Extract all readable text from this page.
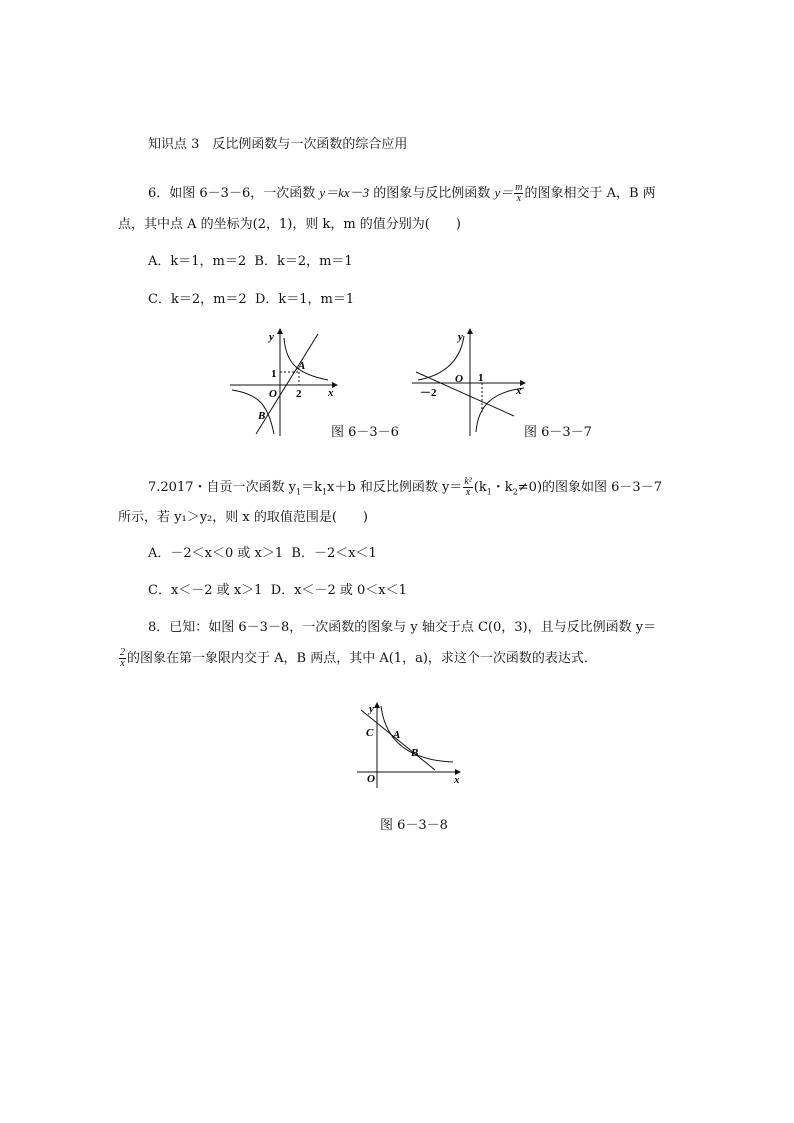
知识点 3　反比例函数与一次函数的综合应用
6．如图 6－3－6，一次函数 y＝kx－3 的图象与反比例函数 $y= \frac{m}{x}$ 的图象相交于 A，B 两
点，其中点 A 的坐标为(2，1)，则 k，m 的值分别为(　　)
A．k＝1，m＝2 B．k＝2，m＝1
C．k＝2，m＝2 D．k＝1，m＝1
y
x
O
A
B
1
2
图 6－3－6
y
x
O 1
－2
图 6－3－7
7.2017・自贡一次函数 $y_1=k_1x+b$ 和反比例函数 $y= \frac{\text{k²}}{x} (k_1$・$k_2\ne 0$)的图象如图 6－3－7
所示，若 y₁＞y₂，则 x 的取值范围是(　　)
A．－2＜x＜0 或 x＞1 B．－2＜x＜1
C．x＜－2 或 x＞1 D．x＜－2 或 0＜x＜1
8．已知：如图 6－3－8，一次函数的图象与 y 轴交于点 C(0，3)，且与反比例函数 y＝
$\frac{2}{x}$ 的图象在第一象限内交于 A，B 两点，其中 A(1，a)，求这个一次函数的表达式．
y
x
O
C A
B
图 6－3－8
